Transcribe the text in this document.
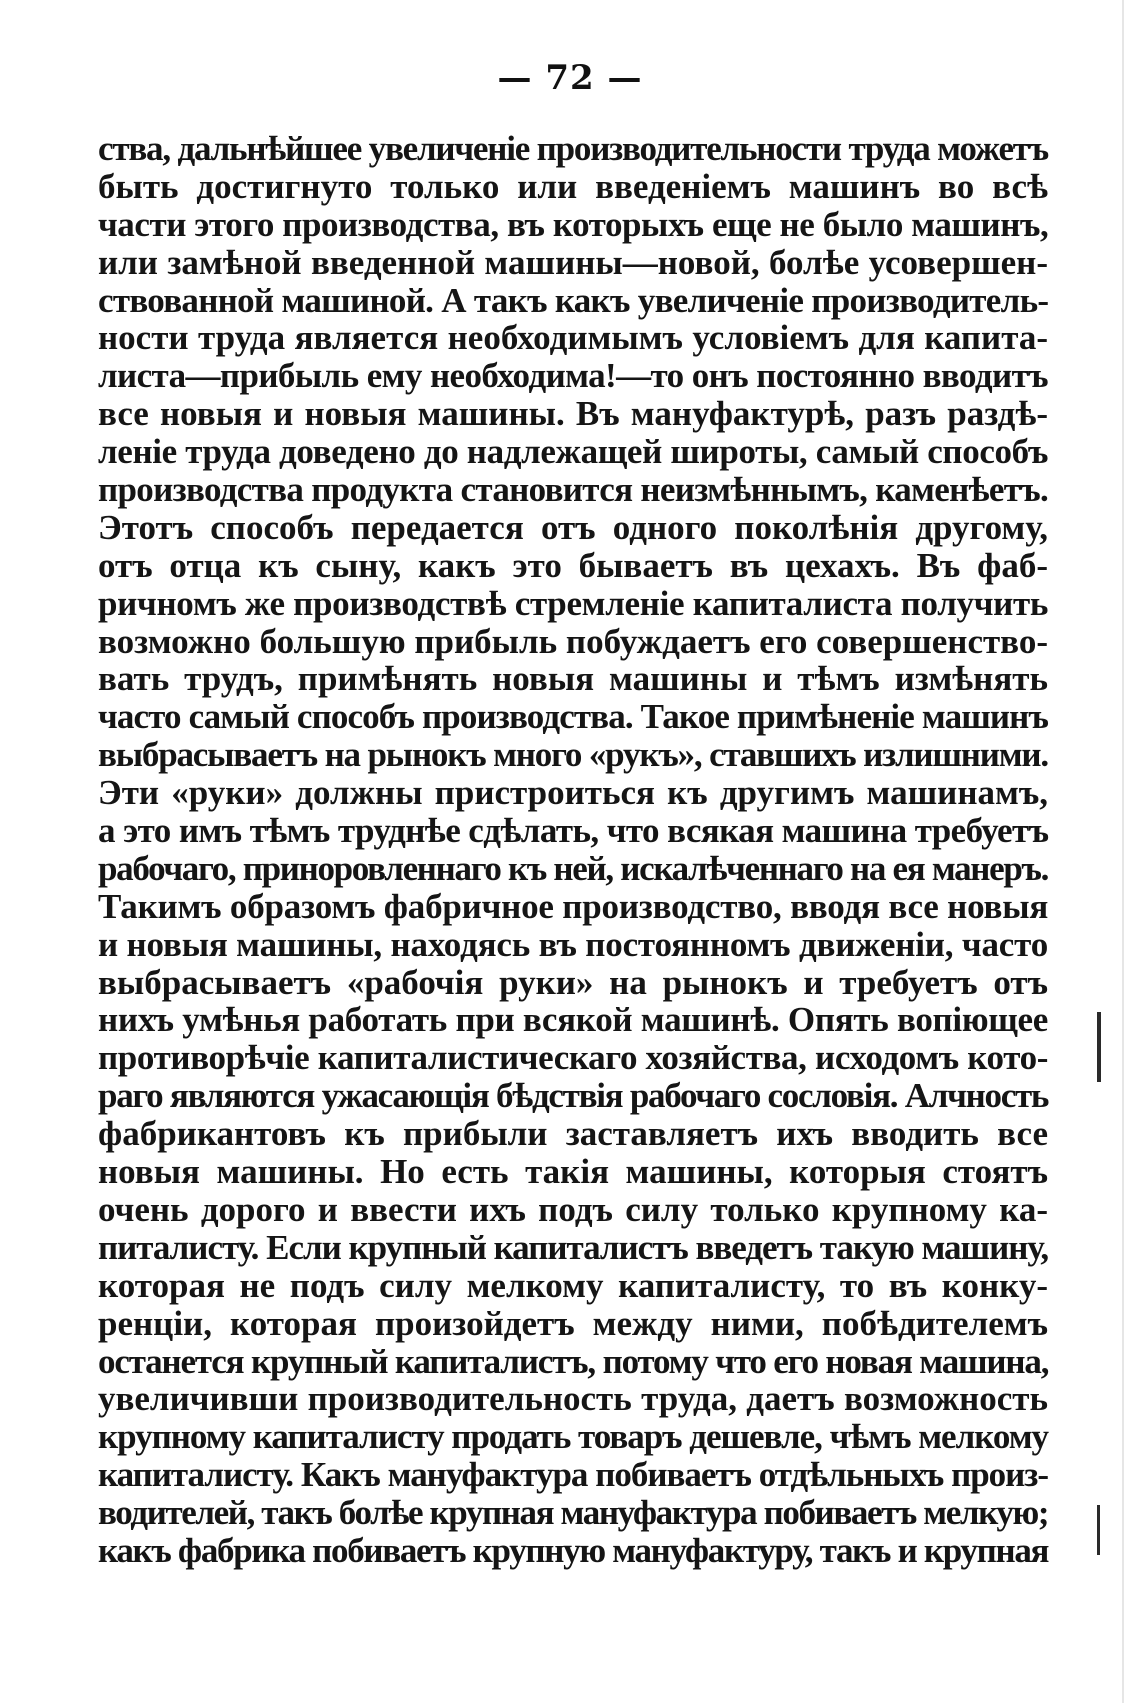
— 72 —
ства, дальнѣйшее увеличенiе производительности труда можетъ
быть достигнуто только или введенiемъ машинъ во всѣ
части этого производства, въ которыхъ еще не было машинъ,
или замѣной введенной машины—новой, болѣе усовершен-
ствованной машиной. А такъ какъ увеличенiе производитель-
ности труда является необходимымъ условiемъ для капита-
листа—прибыль ему необходима!—то онъ постоянно вводитъ
все новыя и новыя машины. Въ мануфактурѣ, разъ раздѣ-
ленiе труда доведено до надлежащей широты, самый способъ
производства продукта становится неизмѣннымъ, каменѣетъ.
Этотъ способъ передается отъ одного поколѣнiя другому,
отъ отца къ сыну, какъ это бываетъ въ цехахъ. Въ фаб-
ричномъ же производствѣ стремленiе капиталиста получить
возможно большую прибыль побуждаетъ его совершенство-
вать трудъ, примѣнять новыя машины и тѣмъ измѣнять
часто самый способъ производства. Такое примѣненiе машинъ
выбрасываетъ на рынокъ много «рукъ», ставшихъ излишними.
Эти «руки» должны пристроиться къ другимъ машинамъ,
а это имъ тѣмъ труднѣе сдѣлать, что всякая машина требуетъ
рабочаго, приноровленнаго къ ней, искалѣченнаго на ея манеръ.
Такимъ образомъ фабричное производство, вводя все новыя
и новыя машины, находясь въ постоянномъ движенiи, часто
выбрасываетъ «рабочiя руки» на рынокъ и требуетъ отъ
нихъ умѣнья работать при всякой машинѣ. Опять вопiющее
противорѣчiе капиталистическаго хозяйства, исходомъ кото-
раго являются ужасающiя бѣдствiя рабочаго сословiя. Алчность
фабрикантовъ къ прибыли заставляетъ ихъ вводить все
новыя машины. Но есть такiя машины, которыя стоятъ
очень дорого и ввести ихъ подъ силу только крупному ка-
питалисту. Если крупный капиталистъ введетъ такую машину,
которая не подъ силу мелкому капиталисту, то въ конку-
ренцiи, которая произойдетъ между ними, побѣдителемъ
останется крупный капиталистъ, потому что его новая машина,
увеличивши производительность труда, даетъ возможность
крупному капиталисту продать товаръ дешевле, чѣмъ мелкому
капиталисту. Какъ мануфактура побиваетъ отдѣльныхъ произ-
водителей, такъ болѣе крупная мануфактура побиваетъ мелкую;
какъ фабрика побиваетъ крупную мануфактуру, такъ и крупная
